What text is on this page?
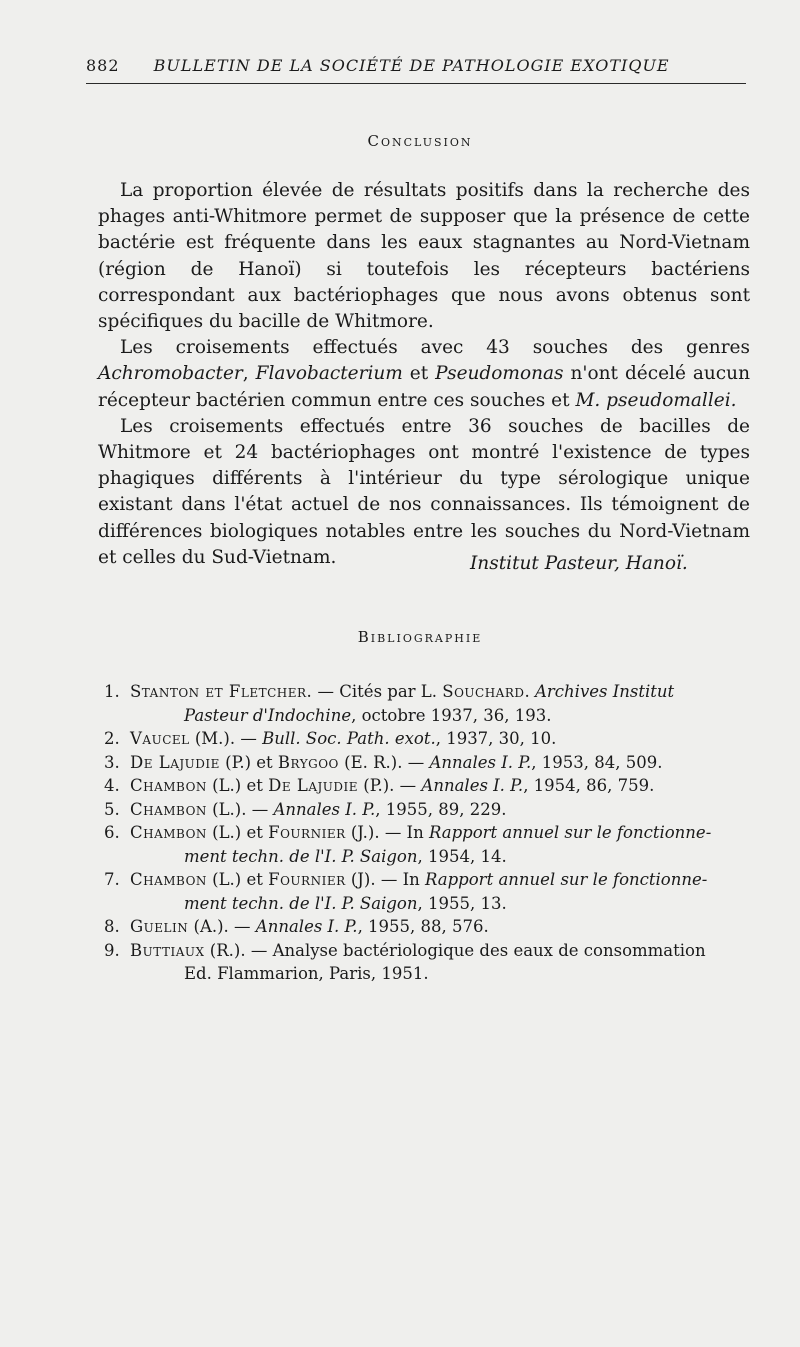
882 BULLETIN DE LA SOCIÉTÉ DE PATHOLOGIE EXOTIQUE
Conclusion

La proportion élevée de résultats positifs dans la recherche des phages anti-Whitmore permet de supposer que la présence de cette bactérie est fréquente dans les eaux stagnantes au Nord-Vietnam (région de Hanoï) si toutefois les récepteurs bactériens correspondant aux bactériophages que nous avons obtenus sont spécifiques du bacille de Whitmore.

Les croisements effectués avec 43 souches des genres Achromobacter, Flavobacterium et Pseudomonas n'ont décelé aucun récepteur bactérien commun entre ces souches et M. pseudomallei.

Les croisements effectués entre 36 souches de bacilles de Whitmore et 24 bactériophages ont montré l'existence de types phagiques différents à l'intérieur du type sérologique unique existant dans l'état actuel de nos connaissances. Ils témoignent de différences biologiques notables entre les souches du Nord-Vietnam et celles du Sud-Vietnam.	Institut Pasteur, Hanoï.
Bibliographie
1. Stanton et Fletcher. — Cités par L. Souchard. Archives Institut
Pasteur d'Indochine, octobre 1937, 36, 193.
2. Vaucel (M.). — Bull. Soc. Path. exot., 1937, 30, 10.
3. De Lajudie (P.) et Brygoo (E. R.). — Annales I. P., 1953, 84, 509.
4. Chambon (L.) et De Lajudie (P.). — Annales I. P., 1954, 86, 759.
5. Chambon (L.). — Annales I. P., 1955, 89, 229.
6. Chambon (L.) et Fournier (J.). — In Rapport annuel sur le fonctionne-
ment techn. de l'I. P. Saigon, 1954, 14.
7. Chambon (L.) et Fournier (J). — In Rapport annuel sur le fonctionne-
ment techn. de l'I. P. Saigon, 1955, 13.
8. Guelin (A.). — Annales I. P., 1955, 88, 576.
9. Buttiaux (R.). — Analyse bactériologique des eaux de consommation
Ed. Flammarion, Paris, 1951.
